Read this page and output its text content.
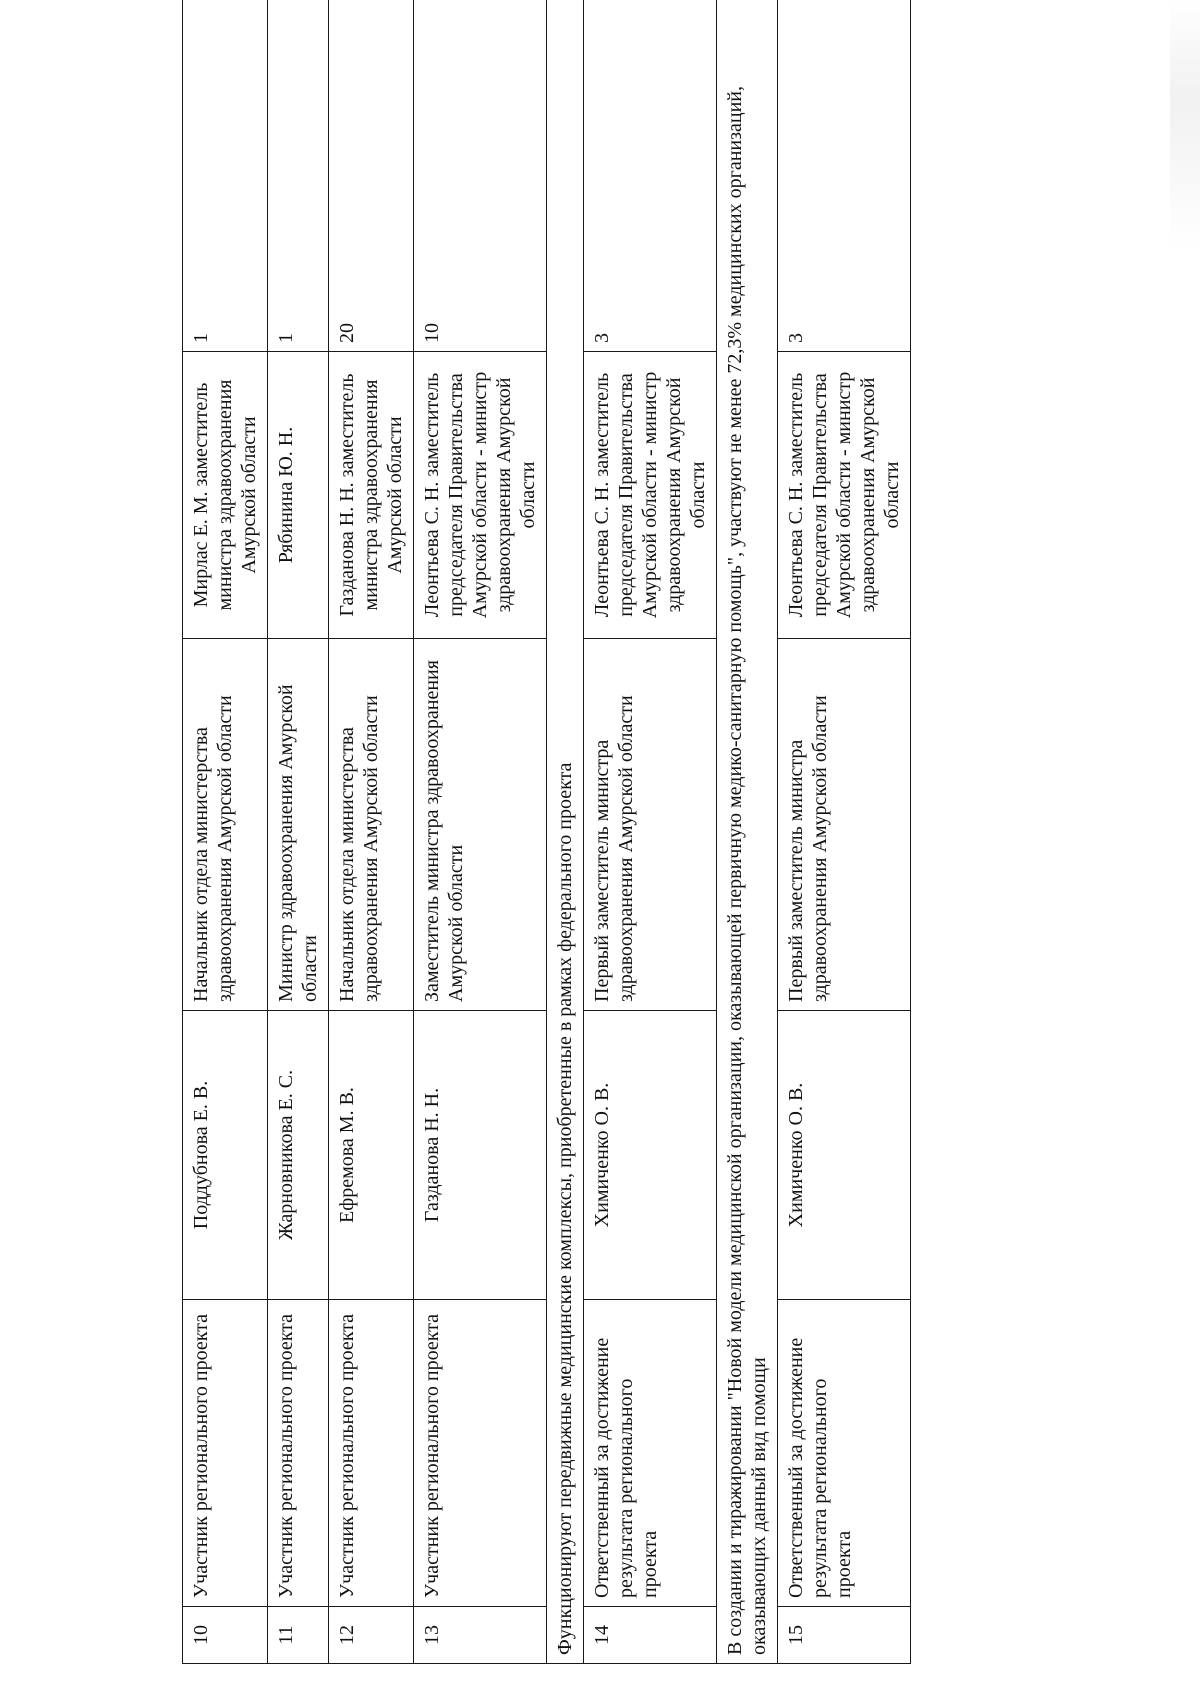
10	Участник регионального проекта	Поддубнова Е. В.	Начальник отдела министерства здравоохранения Амурской области	Мирлас Е. М. заместитель министра здравоохранения Амурской области	1
11	Участник регионального проекта	Жарновникова Е. С.	Министр здравоохранения Амурской области	Рябинина Ю. Н.	1
12	Участник регионального проекта	Ефремова М. В.	Начальник отдела министерства здравоохранения Амурской области	Газданова Н. Н. заместитель министра здравоохранения Амурской области	20
13	Участник регионального проекта	Газданова Н. Н.	Заместитель министра здравоохранения Амурской области	Леонтьева С. Н. заместитель председателя Правительства Амурской области - министр здравоохранения Амурской области	10
Функционируют передвижные медицинские комплексы, приобретенные в рамках федерального проекта					
14	Ответственный за достижение результата регионального проекта	Химиченко О. В.	Первый заместитель министра здравоохранения Амурской области	Леонтьева С. Н. заместитель председателя Правительства Амурской области - министр здравоохранения Амурской области	3
В создании и тиражировании "Новой модели медицинской организации, оказывающей первичную медико-санитарную помощь", участвуют не менее 72,3% медицинских организаций, оказывающих данный вид помощи					
15	Ответственный за достижение результата регионального проекта	Химиченко О. В.	Первый заместитель министра здравоохранения Амурской области	Леонтьева С. Н. заместитель председателя Правительства Амурской области - министр здравоохранения Амурской области	3
